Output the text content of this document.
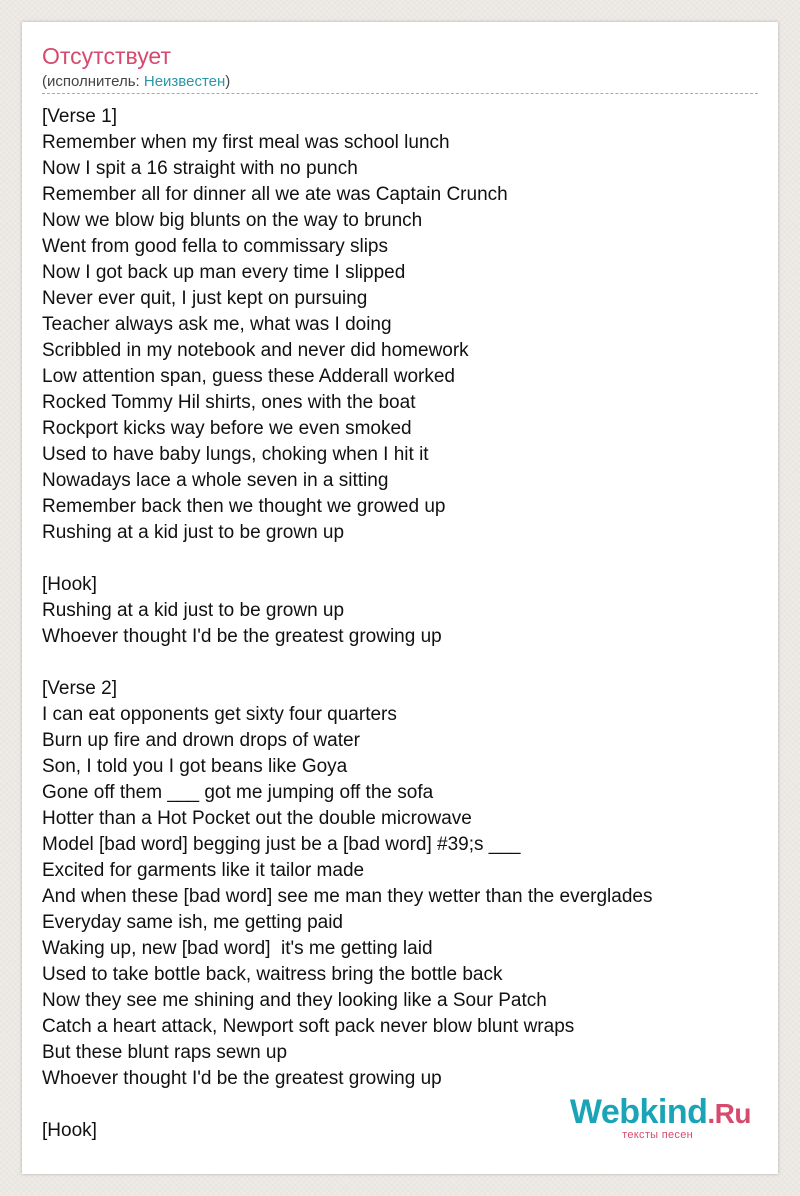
Отсутствует
(исполнитель: Неизвестен)
[Verse 1]
Remember when my first meal was school lunch
Now I spit a 16 straight with no punch
Remember all for dinner all we ate was Captain Crunch
Now we blow big blunts on the way to brunch
Went from good fella to commissary slips
Now I got back up man every time I slipped
Never ever quit, I just kept on pursuing
Teacher always ask me, what was I doing
Scribbled in my notebook and never did homework
Low attention span, guess these Adderall worked
Rocked Tommy Hil shirts, ones with the boat
Rockport kicks way before we even smoked
Used to have baby lungs, choking when I hit it
Nowadays lace a whole seven in a sitting
Remember back then we thought we growed up
Rushing at a kid just to be grown up
[Hook]
Rushing at a kid just to be grown up
Whoever thought I'd be the greatest growing up
[Verse 2]
I can eat opponents get sixty four quarters
Burn up fire and drown drops of water
Son, I told you I got beans like Goya
Gone off them ___ got me jumping off the sofa
Hotter than a Hot Pocket out the double microwave
Model [bad word] begging just be a [bad word] #39;s ___
Excited for garments like it tailor made
And when these [bad word] see me man they wetter than the everglades
Everyday same ish, me getting paid
Waking up, new [bad word]  it's me getting laid
Used to take bottle back, waitress bring the bottle back
Now they see me shining and they looking like a Sour Patch
Catch a heart attack, Newport soft pack never blow blunt wraps
But these blunt raps sewn up
Whoever thought I'd be the greatest growing up
[Hook]	Webkind.Ru
тексты песен
